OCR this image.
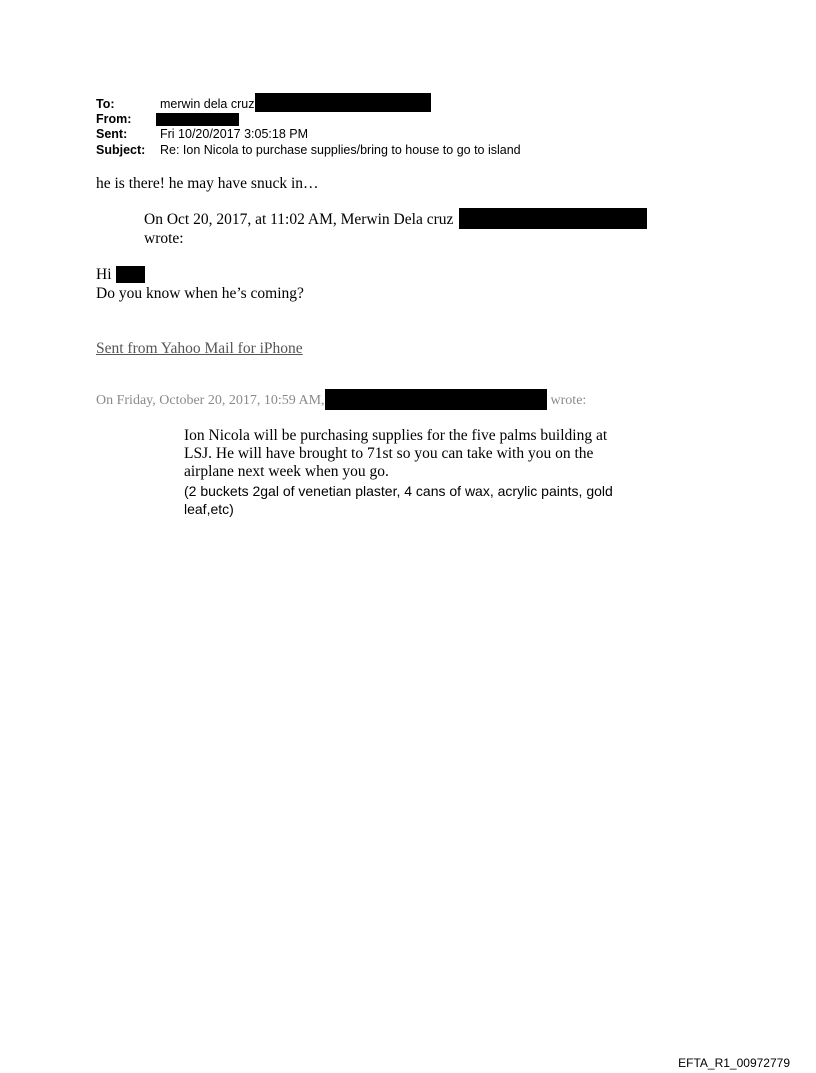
To:	merwin dela cruz
From:
Sent:	Fri 10/20/2017 3:05:18 PM
Subject: Re: Ion Nicola to purchase supplies/bring to house to go to island
he is there! he may have snuck in…
On Oct 20, 2017, at 11:02 AM, Merwin Dela cruz
wrote:
Hi
Do you know when he’s coming?
Sent from Yahoo Mail for iPhone
On Friday, October 20, 2017, 10:59 AM,	wrote:
Ion Nicola will be purchasing supplies for the five palms building at
LSJ. He will have brought to 71st so you can take with you on the
airplane next week when you go.
(2 buckets 2gal of venetian plaster, 4 cans of wax, acrylic paints, gold
leaf,etc)
EFTA_R1_00972779
